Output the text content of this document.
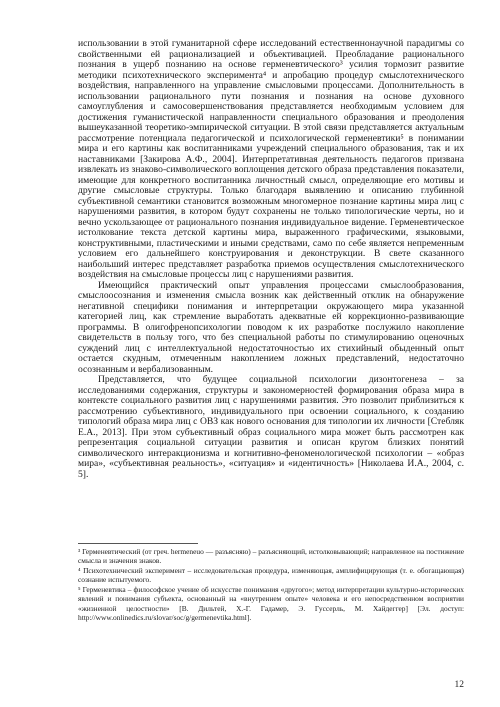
использовании в этой гуманитарной сфере исследований естественнонаучной парадигмы со свойственными ей рационализацией и объективацией. Преобладание рационального познания в ущерб познанию на основе герменевтического³ усилия тормозит развитие методики психотехнического эксперимента⁴ и апробацию процедур смыслотехнического воздействия, направленного на управление смысловыми процессами. Дополнительность в использовании рационального пути познания и познания на основе духовного самоуглубления и самосовершенствования представляется необходимым условием для достижения гуманистической направленности специального образования и преодоления вышеуказанной теоретико-эмпирической ситуации. В этой связи представляется актуальным рассмотрение потенциала педагогической и психологической герменевтики⁵ в понимании мира и его картины как воспитанниками учреждений специального образования, так и их наставниками [Закирова А.Ф., 2004]. Интерпретативная деятельность педагогов призвана извлекать из знаково-символического воплощения детского образа представления показатели, имеющие для конкретного воспитанника личностный смысл, определяющие его мотивы и другие смысловые структуры. Только благодаря выявлению и описанию глубинной субъективной семантики становится возможным многомерное познание картины мира лиц с нарушениями развития, в котором будут сохранены не только типологические черты, но и вечно ускользающее от рационального познания индивидуальное видение. Герменевтическое истолкование текста детской картины мира, выраженного графическими, языковыми, конструктивными, пластическими и иными средствами, само по себе является непременным условием его дальнейшего конструирования и деконструкции. В свете сказанного наибольший интерес представляет разработка приемов осуществления смыслотехнического воздействия на смысловые процессы лиц с нарушениями развития.

Имеющийся практический опыт управления процессами смыслообразования, смыслоосознания и изменения смысла возник как действенный отклик на обнаружение негативной специфики понимания и интерпретации окружающего мира указанной категорией лиц, как стремление выработать адекватные ей коррекционно-развивающие программы. В олигофренопсихологии поводом к их разработке послужило накопление свидетельств в пользу того, что без специальной работы по стимулированию оценочных суждений лиц с интеллектуальной недостаточностью их стихийный обыденный опыт остается скудным, отмеченным накоплением ложных представлений, недостаточно осознанным и вербализованным.

Представляется, что будущее социальной психологии дизонтогенеза – за исследованиями содержания, структуры и закономерностей формирования образа мира в контексте социального развития лиц с нарушениями развития. Это позволит приблизиться к рассмотрению субъективного, индивидуального при освоении социального, к созданию типологий образа мира лиц с ОВЗ как нового основания для типологии их личности [Стебляк Е.А., 2013]. При этом субъективный образ социального мира может быть рассмотрен как репрезентация социальной ситуации развития и описан кругом близких понятий символического интеракционизма и когнитивно-феноменологической психологии – «образ мира», «субъективная реальность», «ситуация» и «идентичность» [Николаева И.А., 2004, с. 5].

³ Герменевтический (от греч. hermeneuo — разъясняю) – разъясняющий, истолковывающий; направленное на постижение смысла и значения знаков.

⁴ Психотехнический эксперимент – исследовательская процедура, изменяющая, амплифицирующая (т. е. обогащающая) сознание испытуемого.

⁵ Герменевтика – философское учение об искусстве понимания «другого»; метод интерпретации культурно-исторических явлений и понимания субъекта, основанный на «внутреннем опыте» человека и его непосредственном восприятии «жизненной целостности» [В. Дильтей, Х.-Г. Гадамер, Э. Гуссерль, М. Хайдеггер] [Эл. доступ: http://www.onlinedics.ru/slovar/soc/g/germenevtika.html].

12
